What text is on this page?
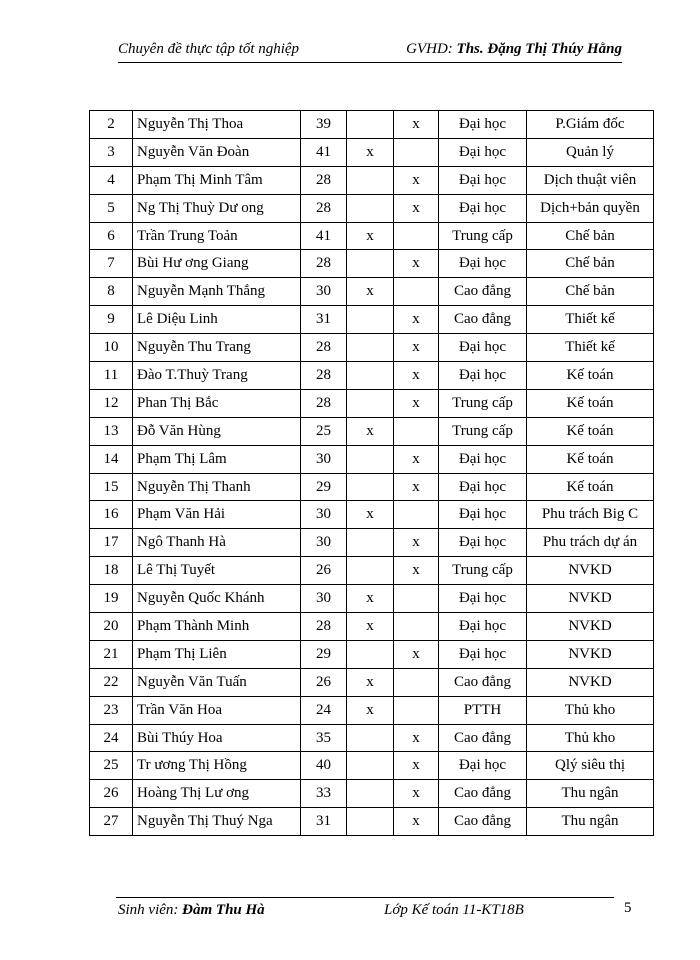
Chuyên đề thực tập tốt nghiệp	GVHD: Ths. Đặng Thị Thúy Hằng
2	Nguyễn Thị Thoa	39		x	Đại học	P.Giám đốc
3	Nguyễn Văn Đoàn	41	x		Đại học	Quản lý
4	Phạm Thị Minh Tâm	28		x	Đại học	Dịch thuật viên
5	Ng Thị Thuỳ Dư ong	28		x	Đại học	Dịch+bản quyền
6	Trần Trung Toản	41	x		Trung cấp	Chế bản
7	Bùi Hư ơng Giang	28		x	Đại học	Chế bản
8	Nguyễn Mạnh Thắng	30	x		Cao đẳng	Chế bản
9	Lê Diệu Linh	31		x	Cao đẳng	Thiết kế
10	Nguyễn Thu Trang	28		x	Đại học	Thiết kế
11	Đào T.Thuỳ Trang	28		x	Đại học	Kế toán
12	Phan Thị Bắc	28		x	Trung cấp	Kế toán
13	Đỗ Văn Hùng	25	x		Trung cấp	Kế toán
14	Phạm Thị Lâm	30		x	Đại học	Kế toán
15	Nguyễn Thị Thanh	29		x	Đại học	Kế toán
16	Phạm Văn Hải	30	x		Đại học	Phu trách Big C
17	Ngô Thanh Hà	30		x	Đại học	Phu trách dự án
18	Lê Thị Tuyết	26		x	Trung cấp	NVKD
19	Nguyễn Quốc Khánh	30	x		Đại học	NVKD
20	Phạm Thành Minh	28	x		Đại học	NVKD
21	Phạm Thị Liên	29		x	Đại học	NVKD
22	Nguyễn Văn Tuấn	26	x		Cao đẳng	NVKD
23	Trần Văn Hoa	24	x		PTTH	Thủ kho
24	Bùi Thúy Hoa	35		x	Cao đẳng	Thủ kho
25	Tr ương Thị Hồng	40		x	Đại học	Qlý siêu thị
26	Hoàng Thị Lư ơng	33		x	Cao đẳng	Thu ngân
27	Nguyễn Thị Thuý Nga	31		x	Cao đẳng	Thu ngân
Sinh viên: Đàm Thu Hà	Lớp Kế toán 11-KT18B	5
